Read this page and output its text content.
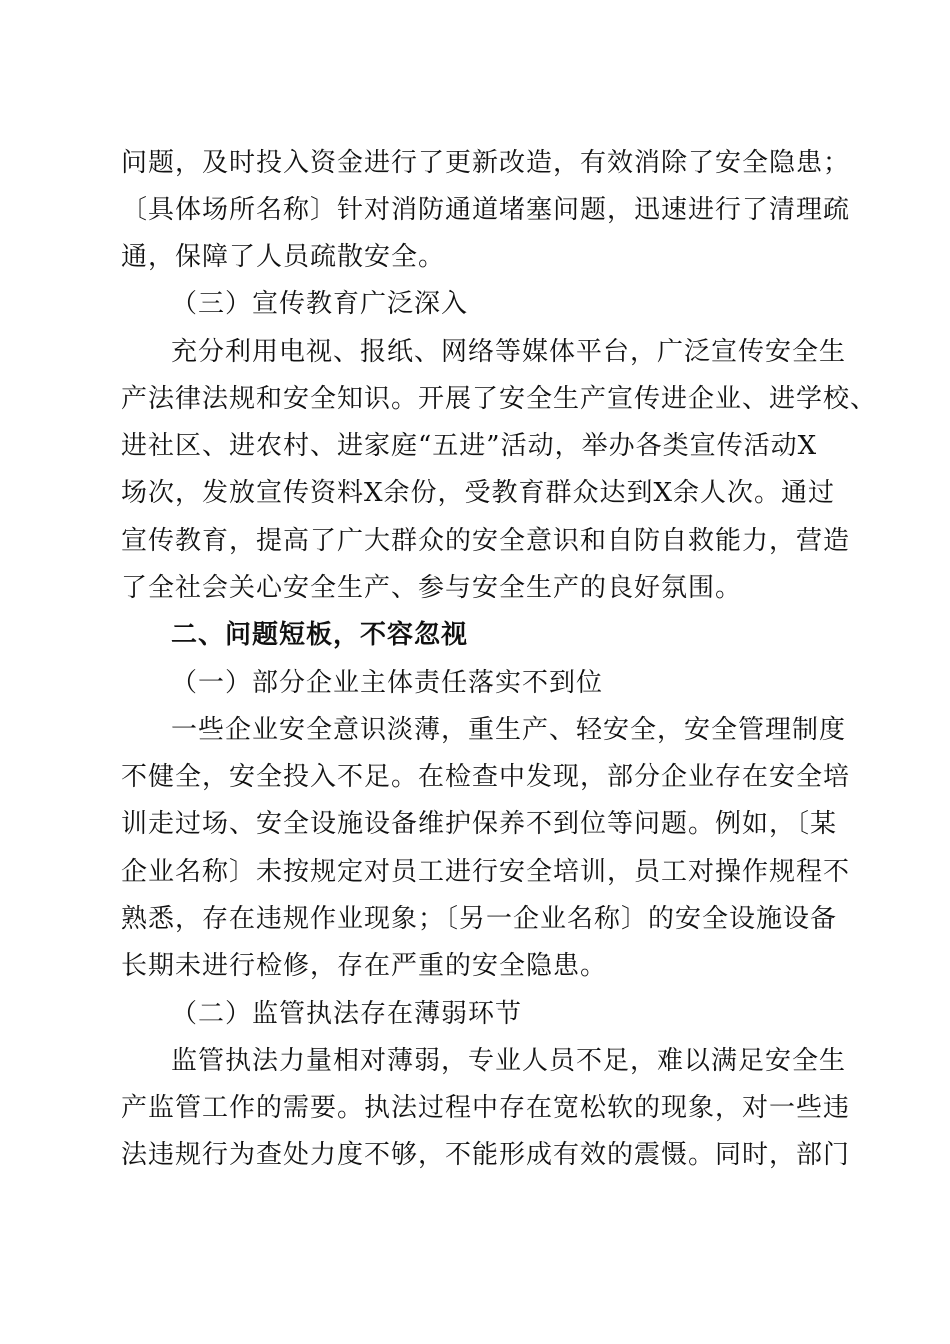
问题，及时投入资金进行了更新改造，有效消除了安全隐患；
〔具体场所名称〕针对消防通道堵塞问题，迅速进行了清理疏
通，保障了人员疏散安全。
（三）宣传教育广泛深入
充分利用电视、报纸、网络等媒体平台，广泛宣传安全生
产法律法规和安全知识。开展了安全生产宣传进企业、进学校、
进社区、进农村、进家庭“五进”活动，举办各类宣传活动X
场次，发放宣传资料X余份，受教育群众达到X余人次。通过
宣传教育，提高了广大群众的安全意识和自防自救能力，营造
了全社会关心安全生产、参与安全生产的良好氛围。
二、问题短板，不容忽视
（一）部分企业主体责任落实不到位
一些企业安全意识淡薄，重生产、轻安全，安全管理制度
不健全，安全投入不足。在检查中发现，部分企业存在安全培
训走过场、安全设施设备维护保养不到位等问题。例如，〔某
企业名称〕未按规定对员工进行安全培训，员工对操作规程不
熟悉，存在违规作业现象；〔另一企业名称〕的安全设施设备
长期未进行检修，存在严重的安全隐患。
（二）监管执法存在薄弱环节
监管执法力量相对薄弱，专业人员不足，难以满足安全生
产监管工作的需要。执法过程中存在宽松软的现象，对一些违
法违规行为查处力度不够，不能形成有效的震慑。同时，部门
